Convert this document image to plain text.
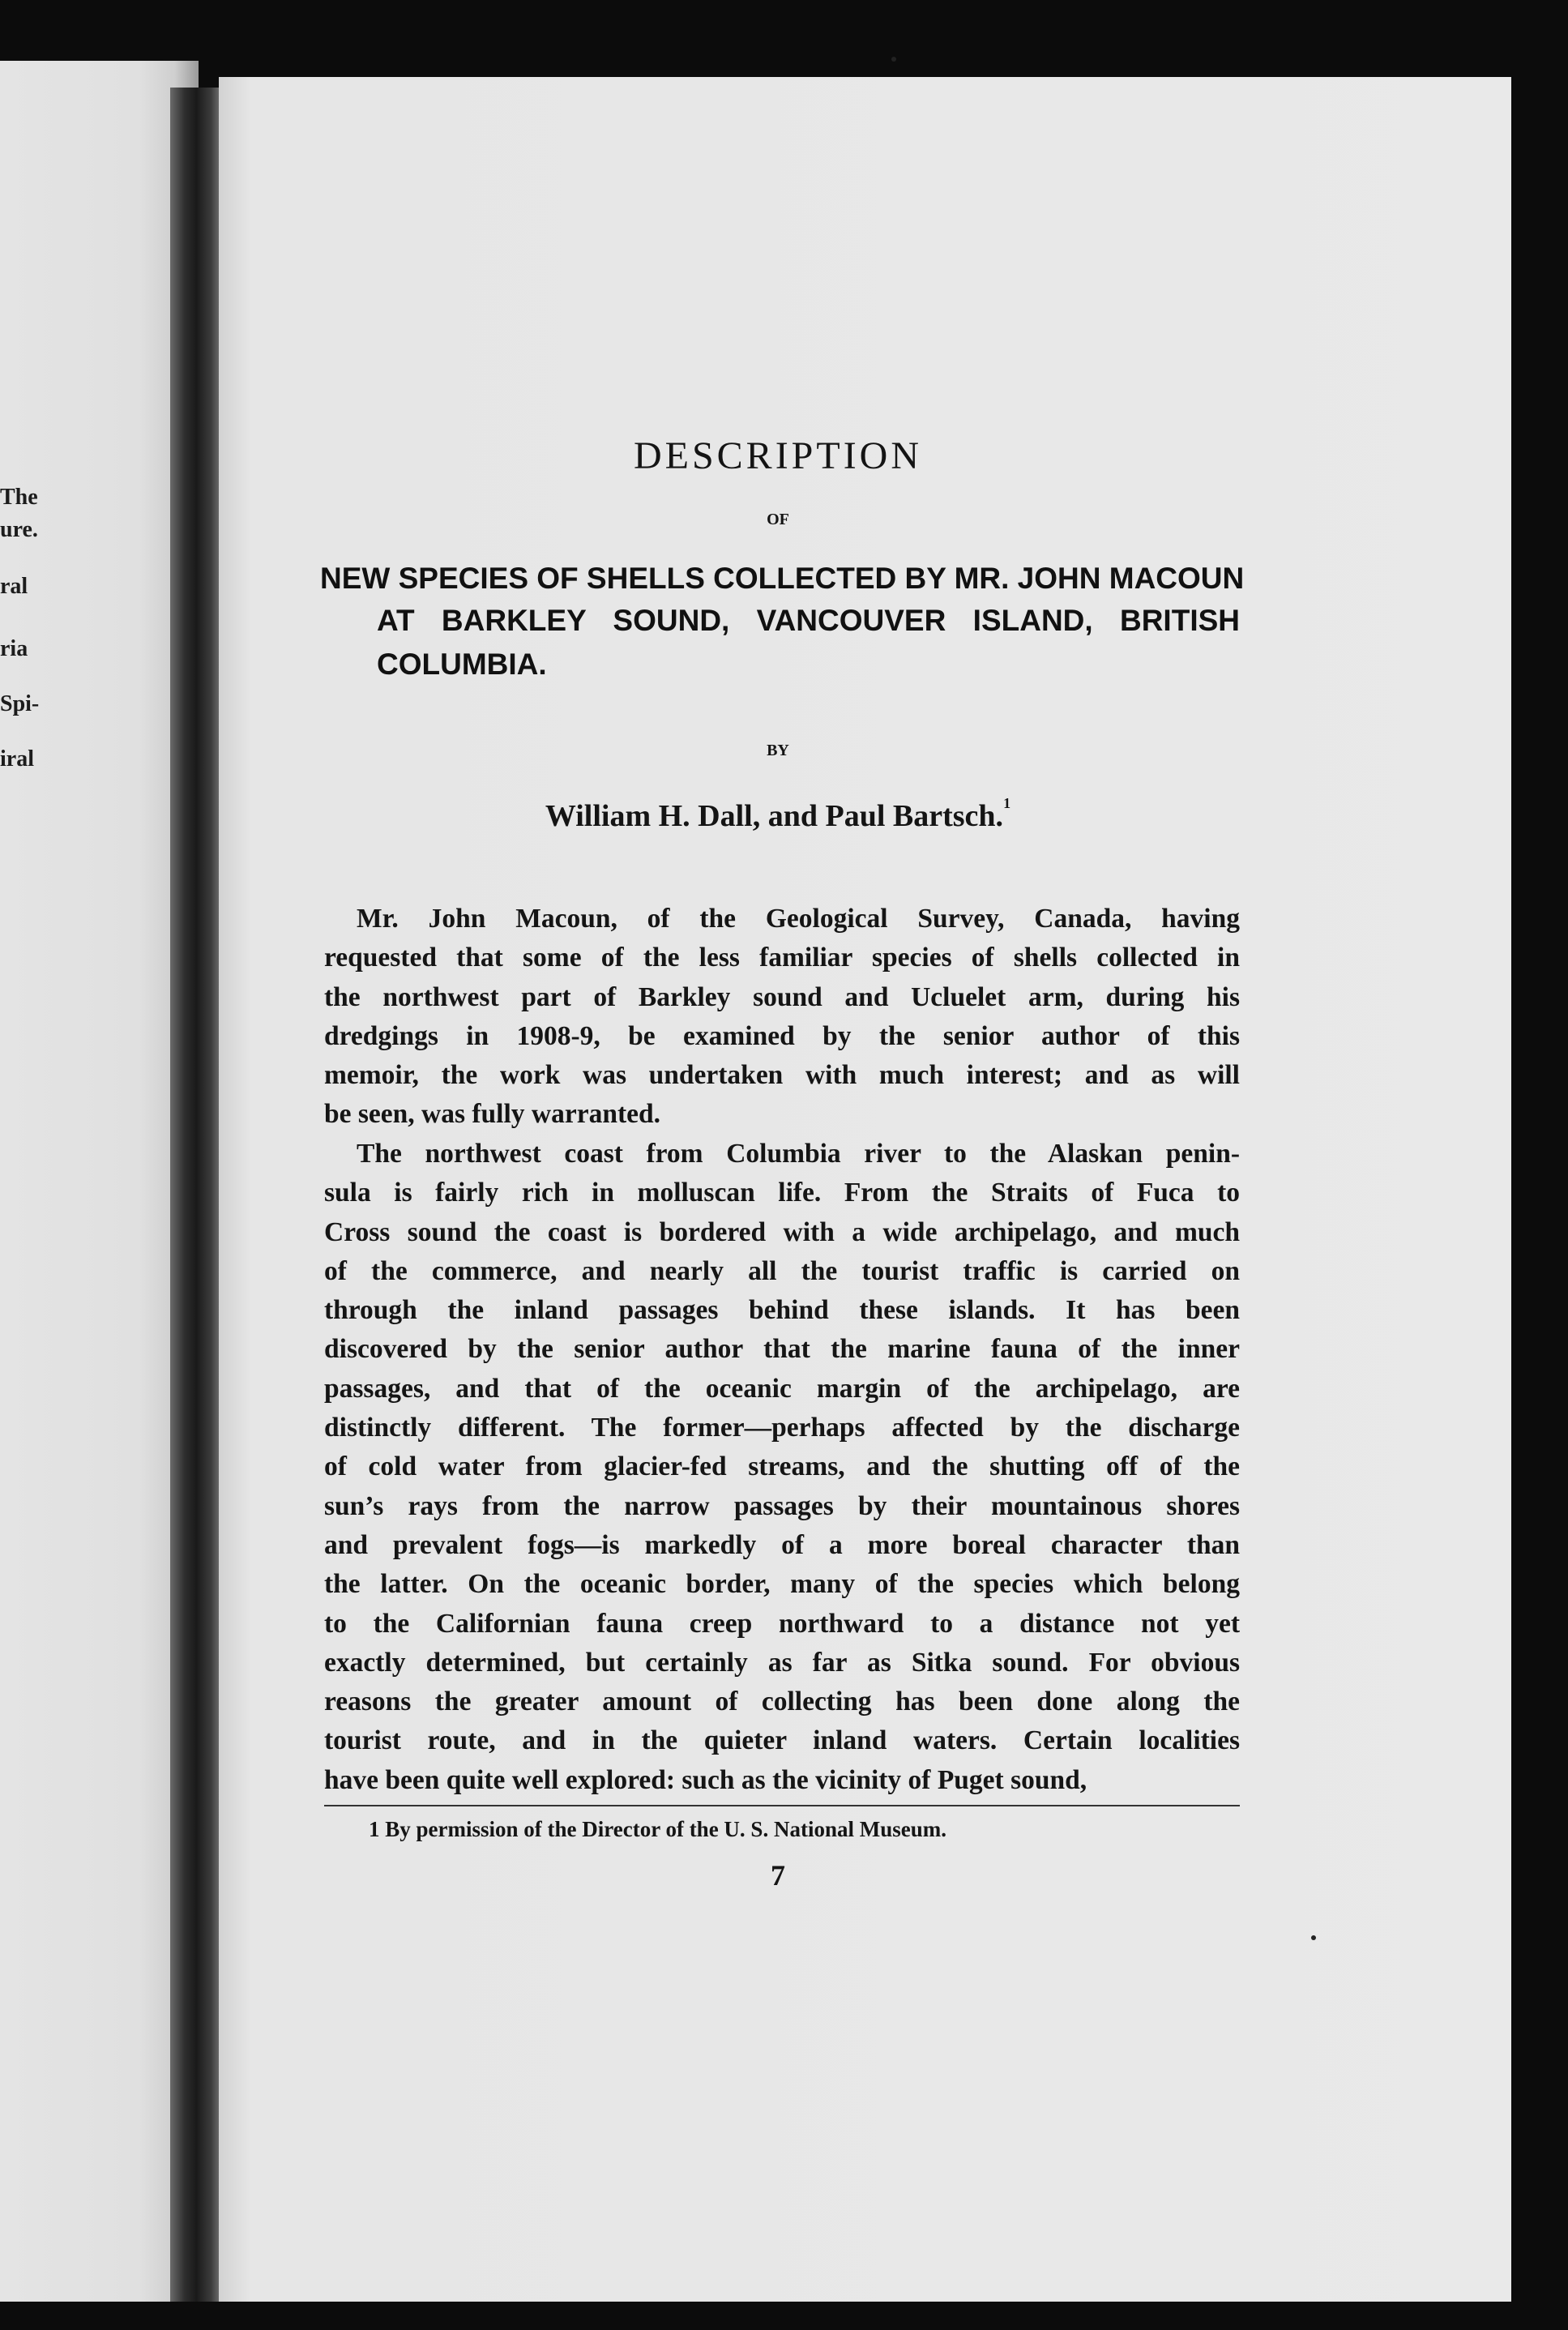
The
ure.
ral
ria
Spi-
iral
DESCRIPTION
OF
NEW SPECIES OF SHELLS COLLECTED BY MR. JOHN MACOUN
AT BARKLEY SOUND, VANCOUVER ISLAND, BRITISH
COLUMBIA.
BY
William H. Dall, and Paul Bartsch.$^1$
Mr. John Macoun, of the Geological Survey, Canada, having
requested that some of the less familiar species of shells collected in
the northwest part of Barkley sound and Ucluelet arm, during his
dredgings in 1908-9, be examined by the senior author of this
memoir, the work was undertaken with much interest; and as will
be seen, was fully warranted.
The northwest coast from Columbia river to the Alaskan penin-
sula is fairly rich in molluscan life. From the Straits of Fuca to
Cross sound the coast is bordered with a wide archipelago, and much
of the commerce, and nearly all the tourist traffic is carried on
through the inland passages behind these islands. It has been
discovered by the senior author that the marine fauna of the inner
passages, and that of the oceanic margin of the archipelago, are
distinctly different. The former—perhaps affected by the discharge
of cold water from glacier-fed streams, and the shutting off of the
sun’s rays from the narrow passages by their mountainous shores
and prevalent fogs—is markedly of a more boreal character than
the latter. On the oceanic border, many of the species which belong
to the Californian fauna creep northward to a distance not yet
exactly determined, but certainly as far as Sitka sound. For obvious
reasons the greater amount of collecting has been done along the
tourist route, and in the quieter inland waters. Certain localities
have been quite well explored: such as the vicinity of Puget sound,
1 By permission of the Director of the U. S. National Museum.
7
